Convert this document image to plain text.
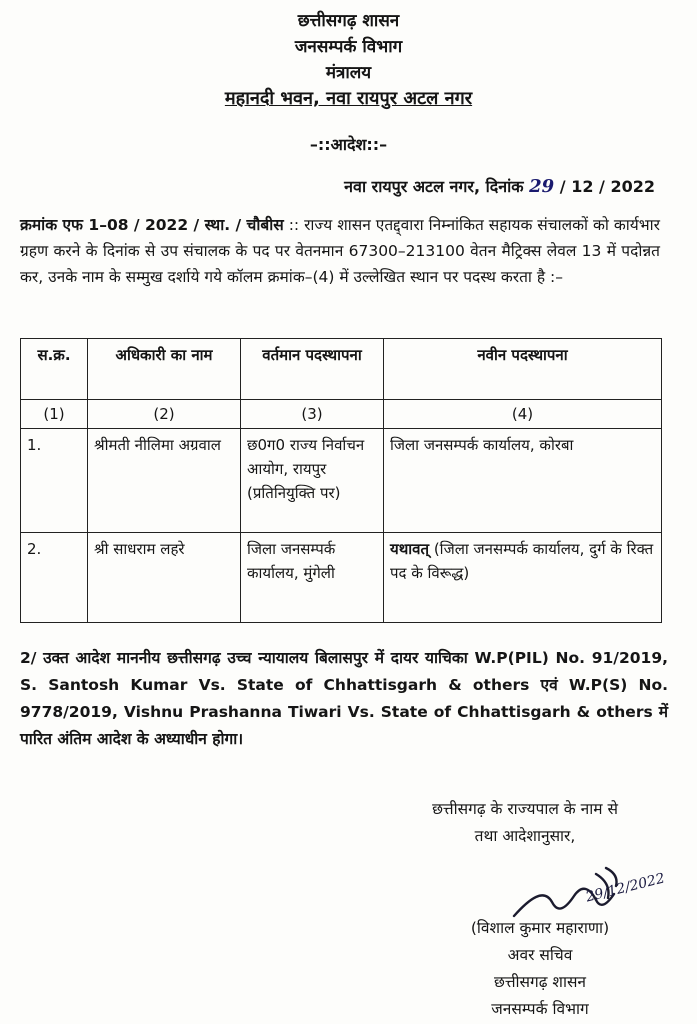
छत्तीसगढ़ शासन
जनसम्पर्क विभाग
मंत्रालय
महानदी भवन, नवा रायपुर अटल नगर
–::आदेश::–
नवा रायपुर अटल नगर, दिनांक 29 / 12 / 2022
क्रमांक एफ 1–08 / 2022 / स्था. / चौबीस :: राज्य शासन एतद्द्वारा निम्नांकित सहायक संचालकों को कार्यभार ग्रहण करने के दिनांक से उप संचालक के पद पर वेतनमान 67300–213100 वेतन मैट्रिक्स लेवल 13 में पदोन्नत कर, उनके नाम के सम्मुख दर्शाये गये कॉलम क्रमांक–(4) में उल्लेखित स्थान पर पदस्थ करता है :–
स.क्र.	अधिकारी का नाम	वर्तमान पदस्थापना	नवीन पदस्थापना
(1)	(2)	(3)	(4)
1.	श्रीमती नीलिमा अग्रवाल	छ0ग0 राज्य निर्वाचन आयोग, रायपुर (प्रतिनियुक्ति पर)	जिला जनसम्पर्क कार्यालय, कोरबा
2.	श्री साधराम लहरे	जिला जनसम्पर्क कार्यालय, मुंगेली	यथावत् (जिला जनसम्पर्क कार्यालय, दुर्ग के रिक्त पद के विरूद्ध)
2/ उक्त आदेश माननीय छत्तीसगढ़ उच्च न्यायालय बिलासपुर में दायर याचिका W.P(PIL) No. 91/2019, S. Santosh Kumar Vs. State of Chhattisgarh & others एवं W.P(S) No. 9778/2019, Vishnu Prashanna Tiwari Vs. State of Chhattisgarh & others में पारित अंतिम आदेश के अध्याधीन होगा।
छत्तीसगढ़ के राज्यपाल के नाम से
तथा आदेशानुसार,
29/12/2022
(विशाल कुमार महाराणा)
अवर सचिव
छत्तीसगढ़ शासन
जनसम्पर्क विभाग
